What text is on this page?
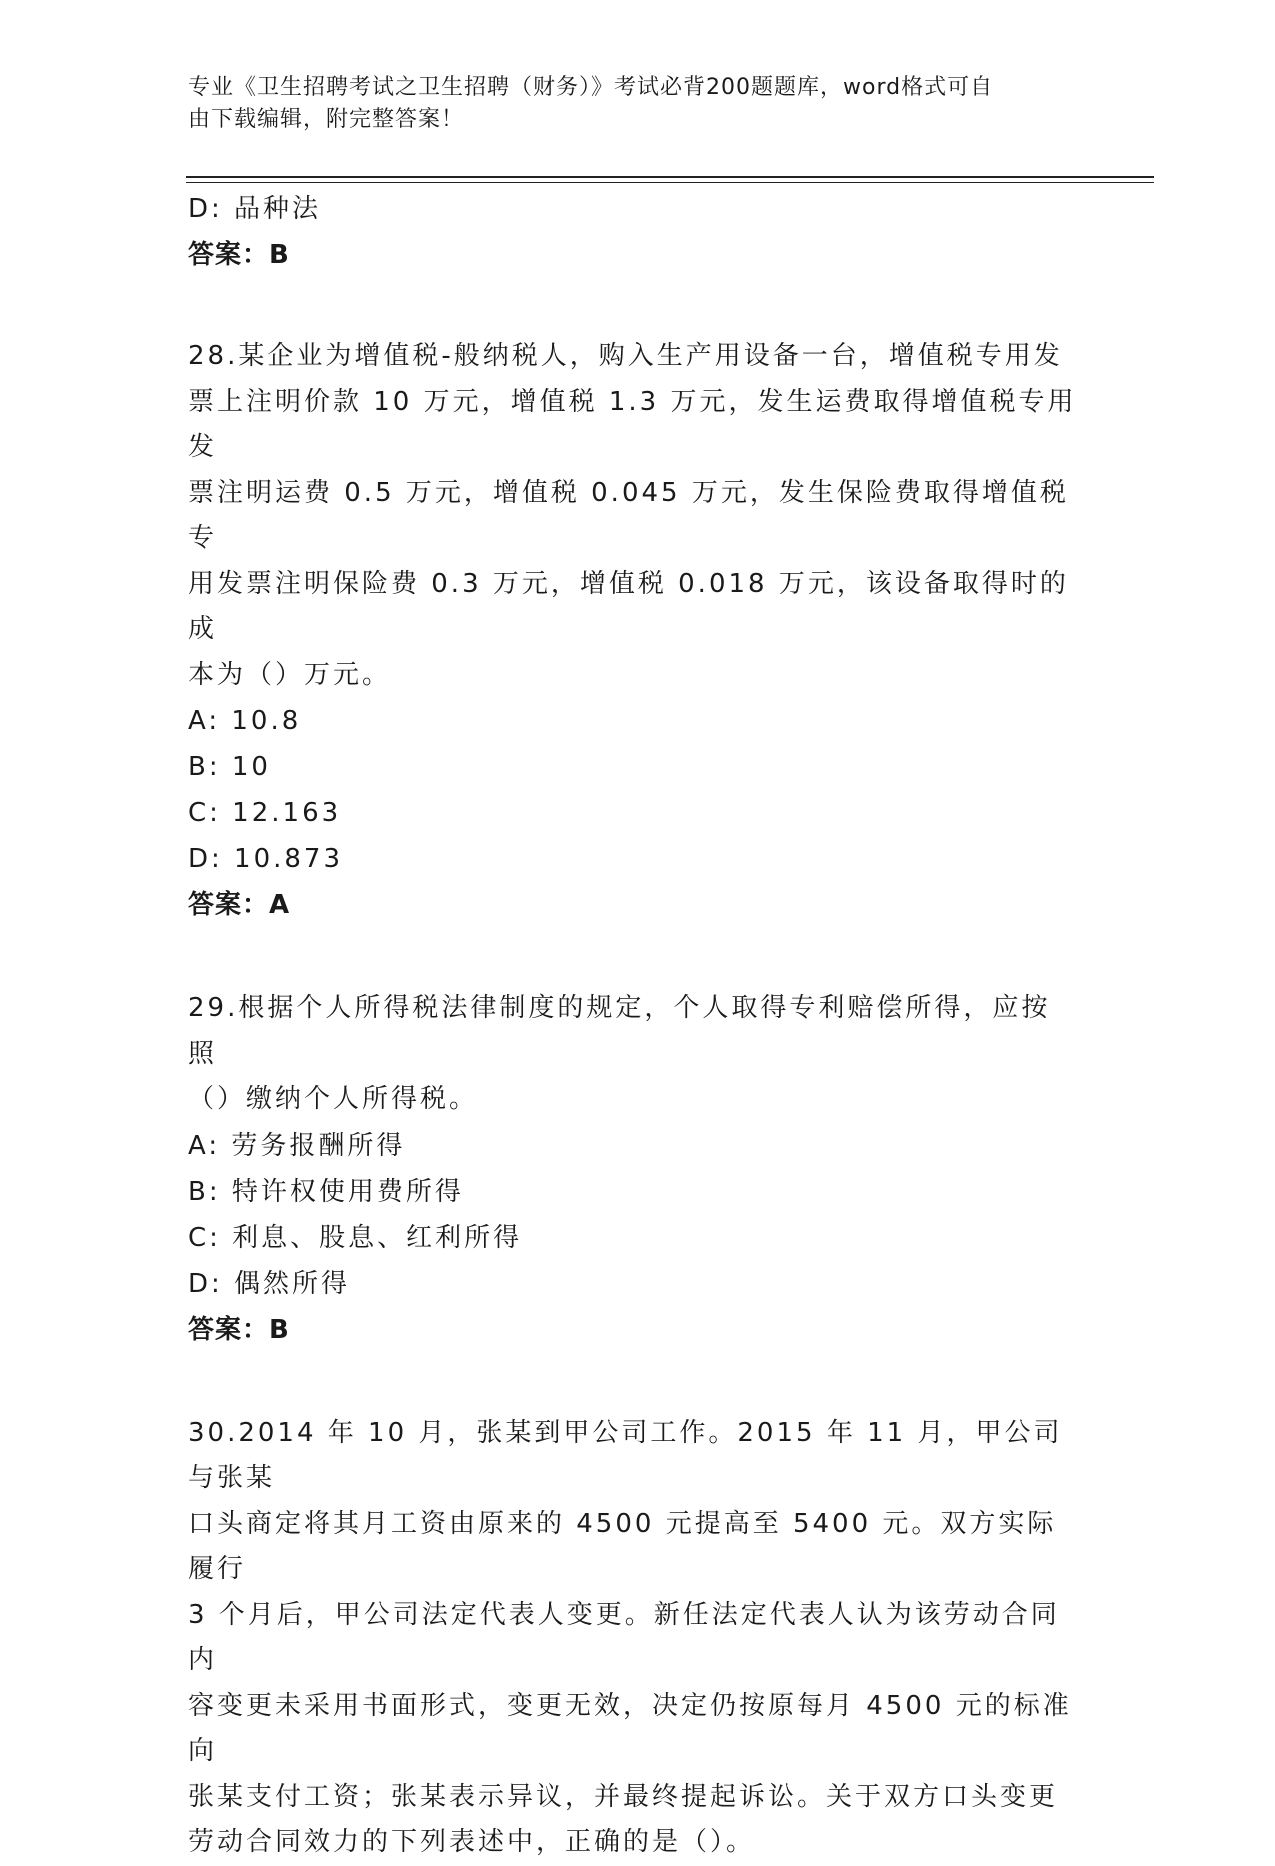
专业《卫生招聘考试之卫生招聘（财务）》考试必背200题题库，word格式可自
由下载编辑，附完整答案！
D: 品种法
答案：B
28.某企业为增值税-般纳税人，购入生产用设备一台，增值税专用发
票上注明价款 10 万元，增值税 1.3 万元，发生运费取得增值税专用发
票注明运费 0.5 万元，增值税 0.045 万元，发生保险费取得增值税专
用发票注明保险费 0.3 万元，增值税 0.018 万元，该设备取得时的成
本为（）万元。
A: 10.8
B: 10
C: 12.163
D: 10.873
答案：A
29.根据个人所得税法律制度的规定，个人取得专利赔偿所得，应按照
（）缴纳个人所得税。
A: 劳务报酬所得
B: 特许权使用费所得
C: 利息、股息、红利所得
D: 偶然所得
答案：B
30.2014 年 10 月，张某到甲公司工作。2015 年 11 月，甲公司与张某
口头商定将其月工资由原来的 4500 元提高至 5400 元。双方实际履行
3 个月后，甲公司法定代表人变更。新任法定代表人认为该劳动合同内
容变更未采用书面形式，变更无效，决定仍按原每月 4500 元的标准向
张某支付工资；张某表示异议，并最终提起诉讼。关于双方口头变更
劳动合同效力的下列表述中，正确的是（）。
